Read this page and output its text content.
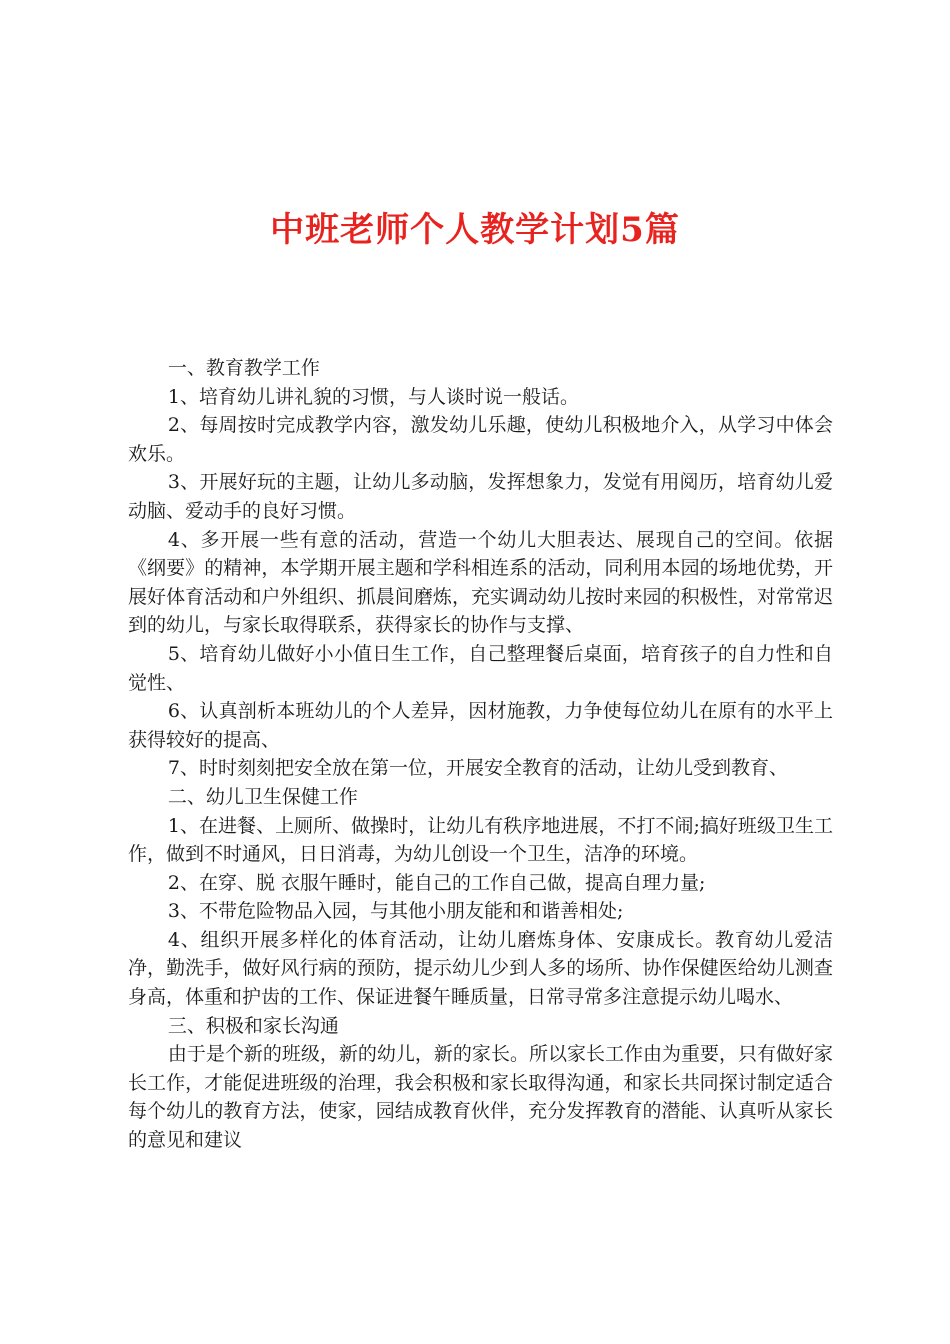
中班老师个人教学计划5篇

一、教育教学工作

1、培育幼儿讲礼貌的习惯，与人谈时说一般话。

2、每周按时完成教学内容，激发幼儿乐趣，使幼儿积极地介入，从学习中体会欢乐。

3、开展好玩的主题，让幼儿多动脑，发挥想象力，发觉有用阅历，培育幼儿爱动脑、爱动手的良好习惯。

4、多开展一些有意的活动，营造一个幼儿大胆表达、展现自己的空间。依据《纲要》的精神，本学期开展主题和学科相连系的活动，同利用本园的场地优势，开展好体育活动和户外组织、抓晨间磨炼，充实调动幼儿按时来园的积极性，对常常迟到的幼儿，与家长取得联系，获得家长的协作与支撑、

5、培育幼儿做好小小值日生工作，自己整理餐后桌面，培育孩子的自力性和自觉性、

6、认真剖析本班幼儿的个人差异，因材施教，力争使每位幼儿在原有的水平上获得较好的提高、

7、时时刻刻把安全放在第一位，开展安全教育的活动，让幼儿受到教育、

二、幼儿卫生保健工作

1、在进餐、上厕所、做操时，让幼儿有秩序地进展，不打不闹;搞好班级卫生工作，做到不时通风，日日消毒，为幼儿创设一个卫生，洁净的环境。

2、在穿、脱 衣服午睡时，能自己的工作自己做，提高自理力量;

3、不带危险物品入园，与其他小朋友能和和谐善相处;

4、组织开展多样化的体育活动，让幼儿磨炼身体、安康成长。教育幼儿爱洁净，勤洗手，做好风行病的预防，提示幼儿少到人多的场所、协作保健医给幼儿测查身高，体重和护齿的工作、保证进餐午睡质量，日常寻常多注意提示幼儿喝水、

三、积极和家长沟通

由于是个新的班级，新的幼儿，新的家长。所以家长工作由为重要，只有做好家长工作，才能促进班级的治理，我会积极和家长取得沟通，和家长共同探讨制定适合每个幼儿的教育方法，使家，园结成教育伙伴，充分发挥教育的潜能、认真听从家长的意见和建议
